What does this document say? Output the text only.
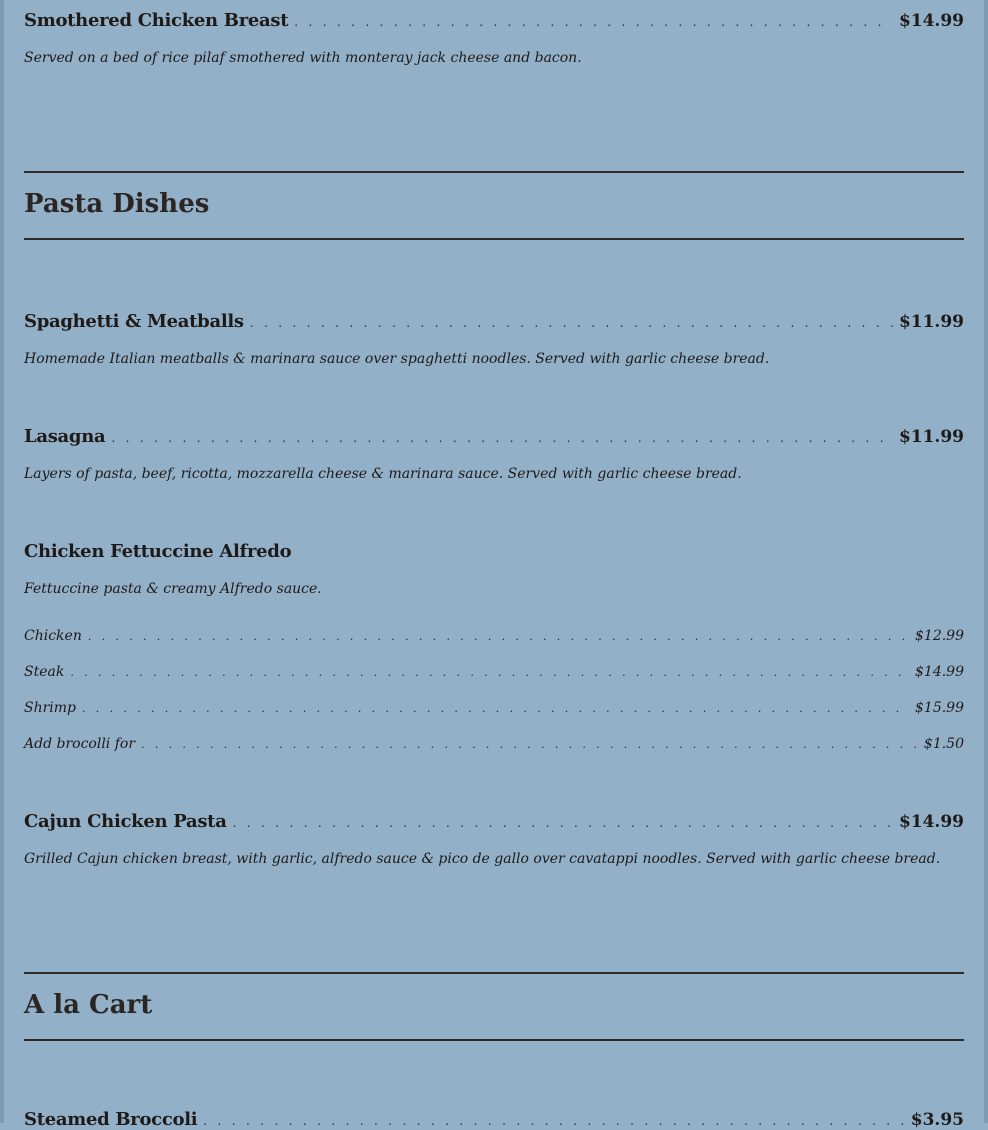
Smothered Chicken Breast . . .	$14.99
Served on a bed of rice pilaf smothered with monteray jack cheese and bacon.
Pasta Dishes
Spaghetti & Meatballs . . .	$11.99
Homemade Italian meatballs & marinara sauce over spaghetti noodles. Served with garlic cheese bread.
Lasagna . . .	$11.99
Layers of pasta, beef, ricotta, mozzarella cheese & marinara sauce. Served with garlic cheese bread.
Chicken Fettuccine Alfredo
Fettuccine pasta & creamy Alfredo sauce.
Chicken . . .	$12.99
Steak . . .	$14.99
Shrimp . . .	$15.99
Add brocolli for . . .	$1.50
Cajun Chicken Pasta . . .	$14.99
Grilled Cajun chicken breast, with garlic, alfredo sauce & pico de gallo over cavatappi noodles. Served with garlic cheese bread.
A la Cart
Steamed Broccoli . . .	$3.95
